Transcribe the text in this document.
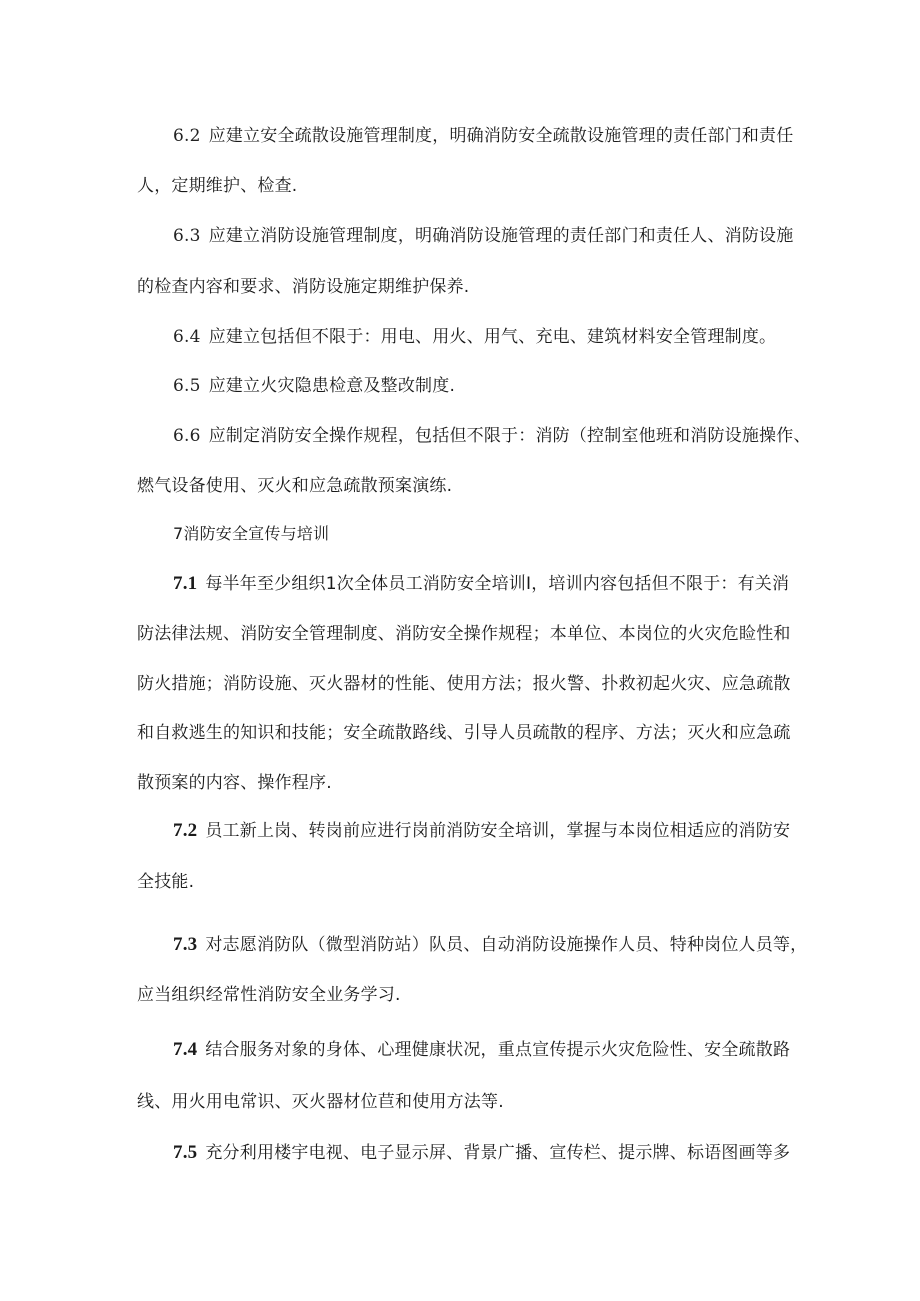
6.2 应建立安全疏散设施管理制度，明确消防安全疏散设施管理的责任部门和责任
人，定期维护、检查.
6.3 应建立消防设施管理制度，明确消防设施管理的责任部门和责任人、消防设施
的检查内容和要求、消防设施定期维护保养.
6.4 应建立包括但不限于：用电、用火、用气、充电、建筑材料安全管理制度。
6.5 应建立火灾隐患检意及整改制度.
6.6 应制定消防安全操作规程，包括但不限于：消防（控制室他班和消防设施操作、
燃气设备使用、灭火和应急疏散预案演练.
7消防安全宣传与培训
7.1 每半年至少组织1次全体员工消防安全培训I，培训内容包括但不限于：有关消
防法律法规、消防安全管理制度、消防安全操作规程；本单位、本岗位的火灾危睑性和
防火措施；消防设施、灭火器材的性能、使用方法；报火警、扑救初起火灾、应急疏散
和自救逃生的知识和技能；安全疏散路线、引导人员疏散的程序、方法；灭火和应急疏
散预案的内容、操作程序.
7.2 员工新上岗、转岗前应进行岗前消防安全培训，掌握与本岗位相适应的消防安
全技能.
7.3 对志愿消防队（微型消防站）队员、自动消防设施操作人员、特种岗位人员等，
应当组织经常性消防安全业务学习.
7.4 结合服务对象的身体、心理健康状况，重点宣传提示火灾危险性、安全疏散路
线、用火用电常识、灭火器材位苣和使用方法等.
7.5 充分利用楼宇电视、电子显示屏、背景广播、宣传栏、提示牌、标语图画等多
